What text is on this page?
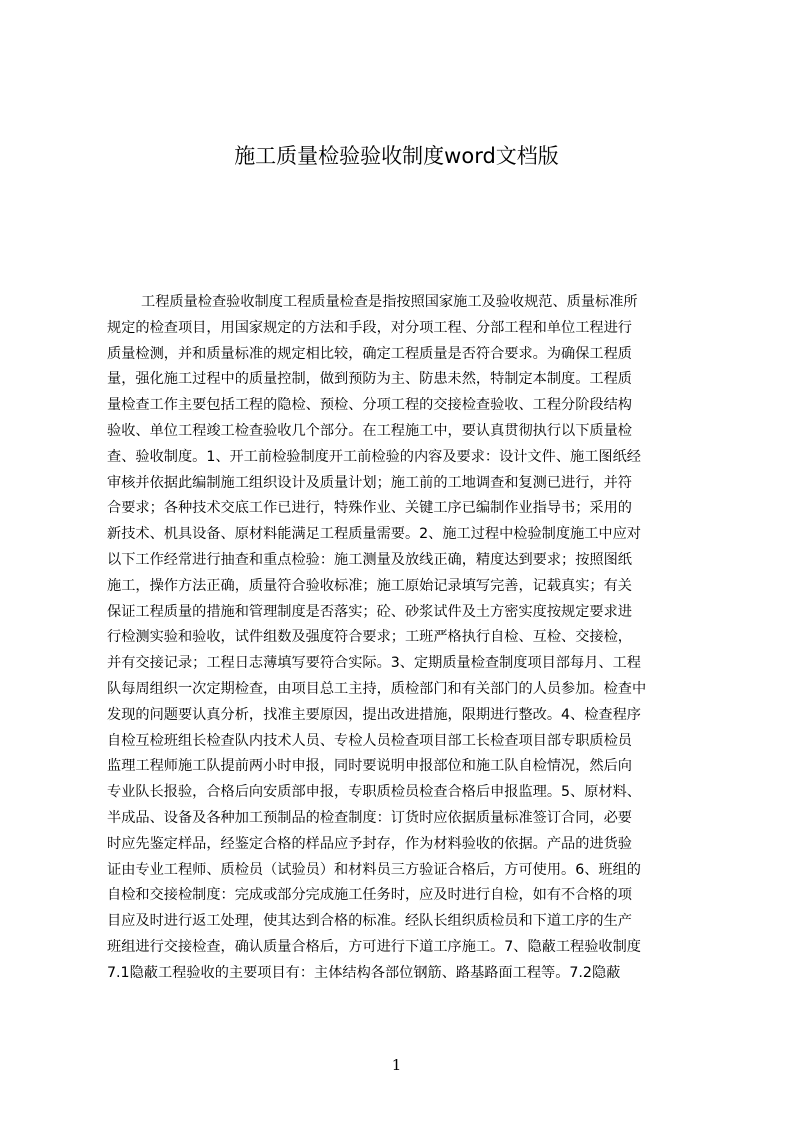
施工质量检验验收制度word文档版
工程质量检查验收制度工程质量检查是指按照国家施工及验收规范、质量标准所
规定的检查项目，用国家规定的方法和手段，对分项工程、分部工程和单位工程进行
质量检测，并和质量标准的规定相比较，确定工程质量是否符合要求。为确保工程质
量，强化施工过程中的质量控制，做到预防为主、防患未然，特制定本制度。工程质
量检查工作主要包括工程的隐检、预检、分项工程的交接检查验收、工程分阶段结构
验收、单位工程竣工检查验收几个部分。在工程施工中，要认真贯彻执行以下质量检
查、验收制度。1、开工前检验制度开工前检验的内容及要求：设计文件、施工图纸经
审核并依据此编制施工组织设计及质量计划；施工前的工地调查和复测已进行，并符
合要求；各种技术交底工作已进行，特殊作业、关键工序已编制作业指导书；采用的
新技术、机具设备、原材料能满足工程质量需要。2、施工过程中检验制度施工中应对
以下工作经常进行抽查和重点检验：施工测量及放线正确，精度达到要求；按照图纸
施工，操作方法正确，质量符合验收标准；施工原始记录填写完善，记载真实；有关
保证工程质量的措施和管理制度是否落实；砼、砂浆试件及土方密实度按规定要求进
行检测实验和验收，试件组数及强度符合要求；工班严格执行自检、互检、交接检，
并有交接记录；工程日志薄填写要符合实际。3、定期质量检查制度项目部每月、工程
队每周组织一次定期检查，由项目总工主持，质检部门和有关部门的人员参加。检查中
发现的问题要认真分析，找准主要原因，提出改进措施，限期进行整改。4、检查程序
自检互检班组长检查队内技术人员、专检人员检查项目部工长检查项目部专职质检员
监理工程师施工队提前两小时申报，同时要说明申报部位和施工队自检情况，然后向
专业队长报验，合格后向安质部申报，专职质检员检查合格后申报监理。5、原材料、
半成品、设备及各种加工预制品的检查制度：订货时应依据质量标准签订合同，必要
时应先鉴定样品，经鉴定合格的样品应予封存，作为材料验收的依据。产品的进货验
证由专业工程师、质检员（试验员）和材料员三方验证合格后，方可使用。6、班组的
自检和交接检制度：完成或部分完成施工任务时，应及时进行自检，如有不合格的项
目应及时进行返工处理，使其达到合格的标准。经队长组织质检员和下道工序的生产
班组进行交接检查，确认质量合格后，方可进行下道工序施工。7、隐蔽工程验收制度
7.1隐蔽工程验收的主要项目有：主体结构各部位钢筋、路基路面工程等。7.2隐蔽
1
